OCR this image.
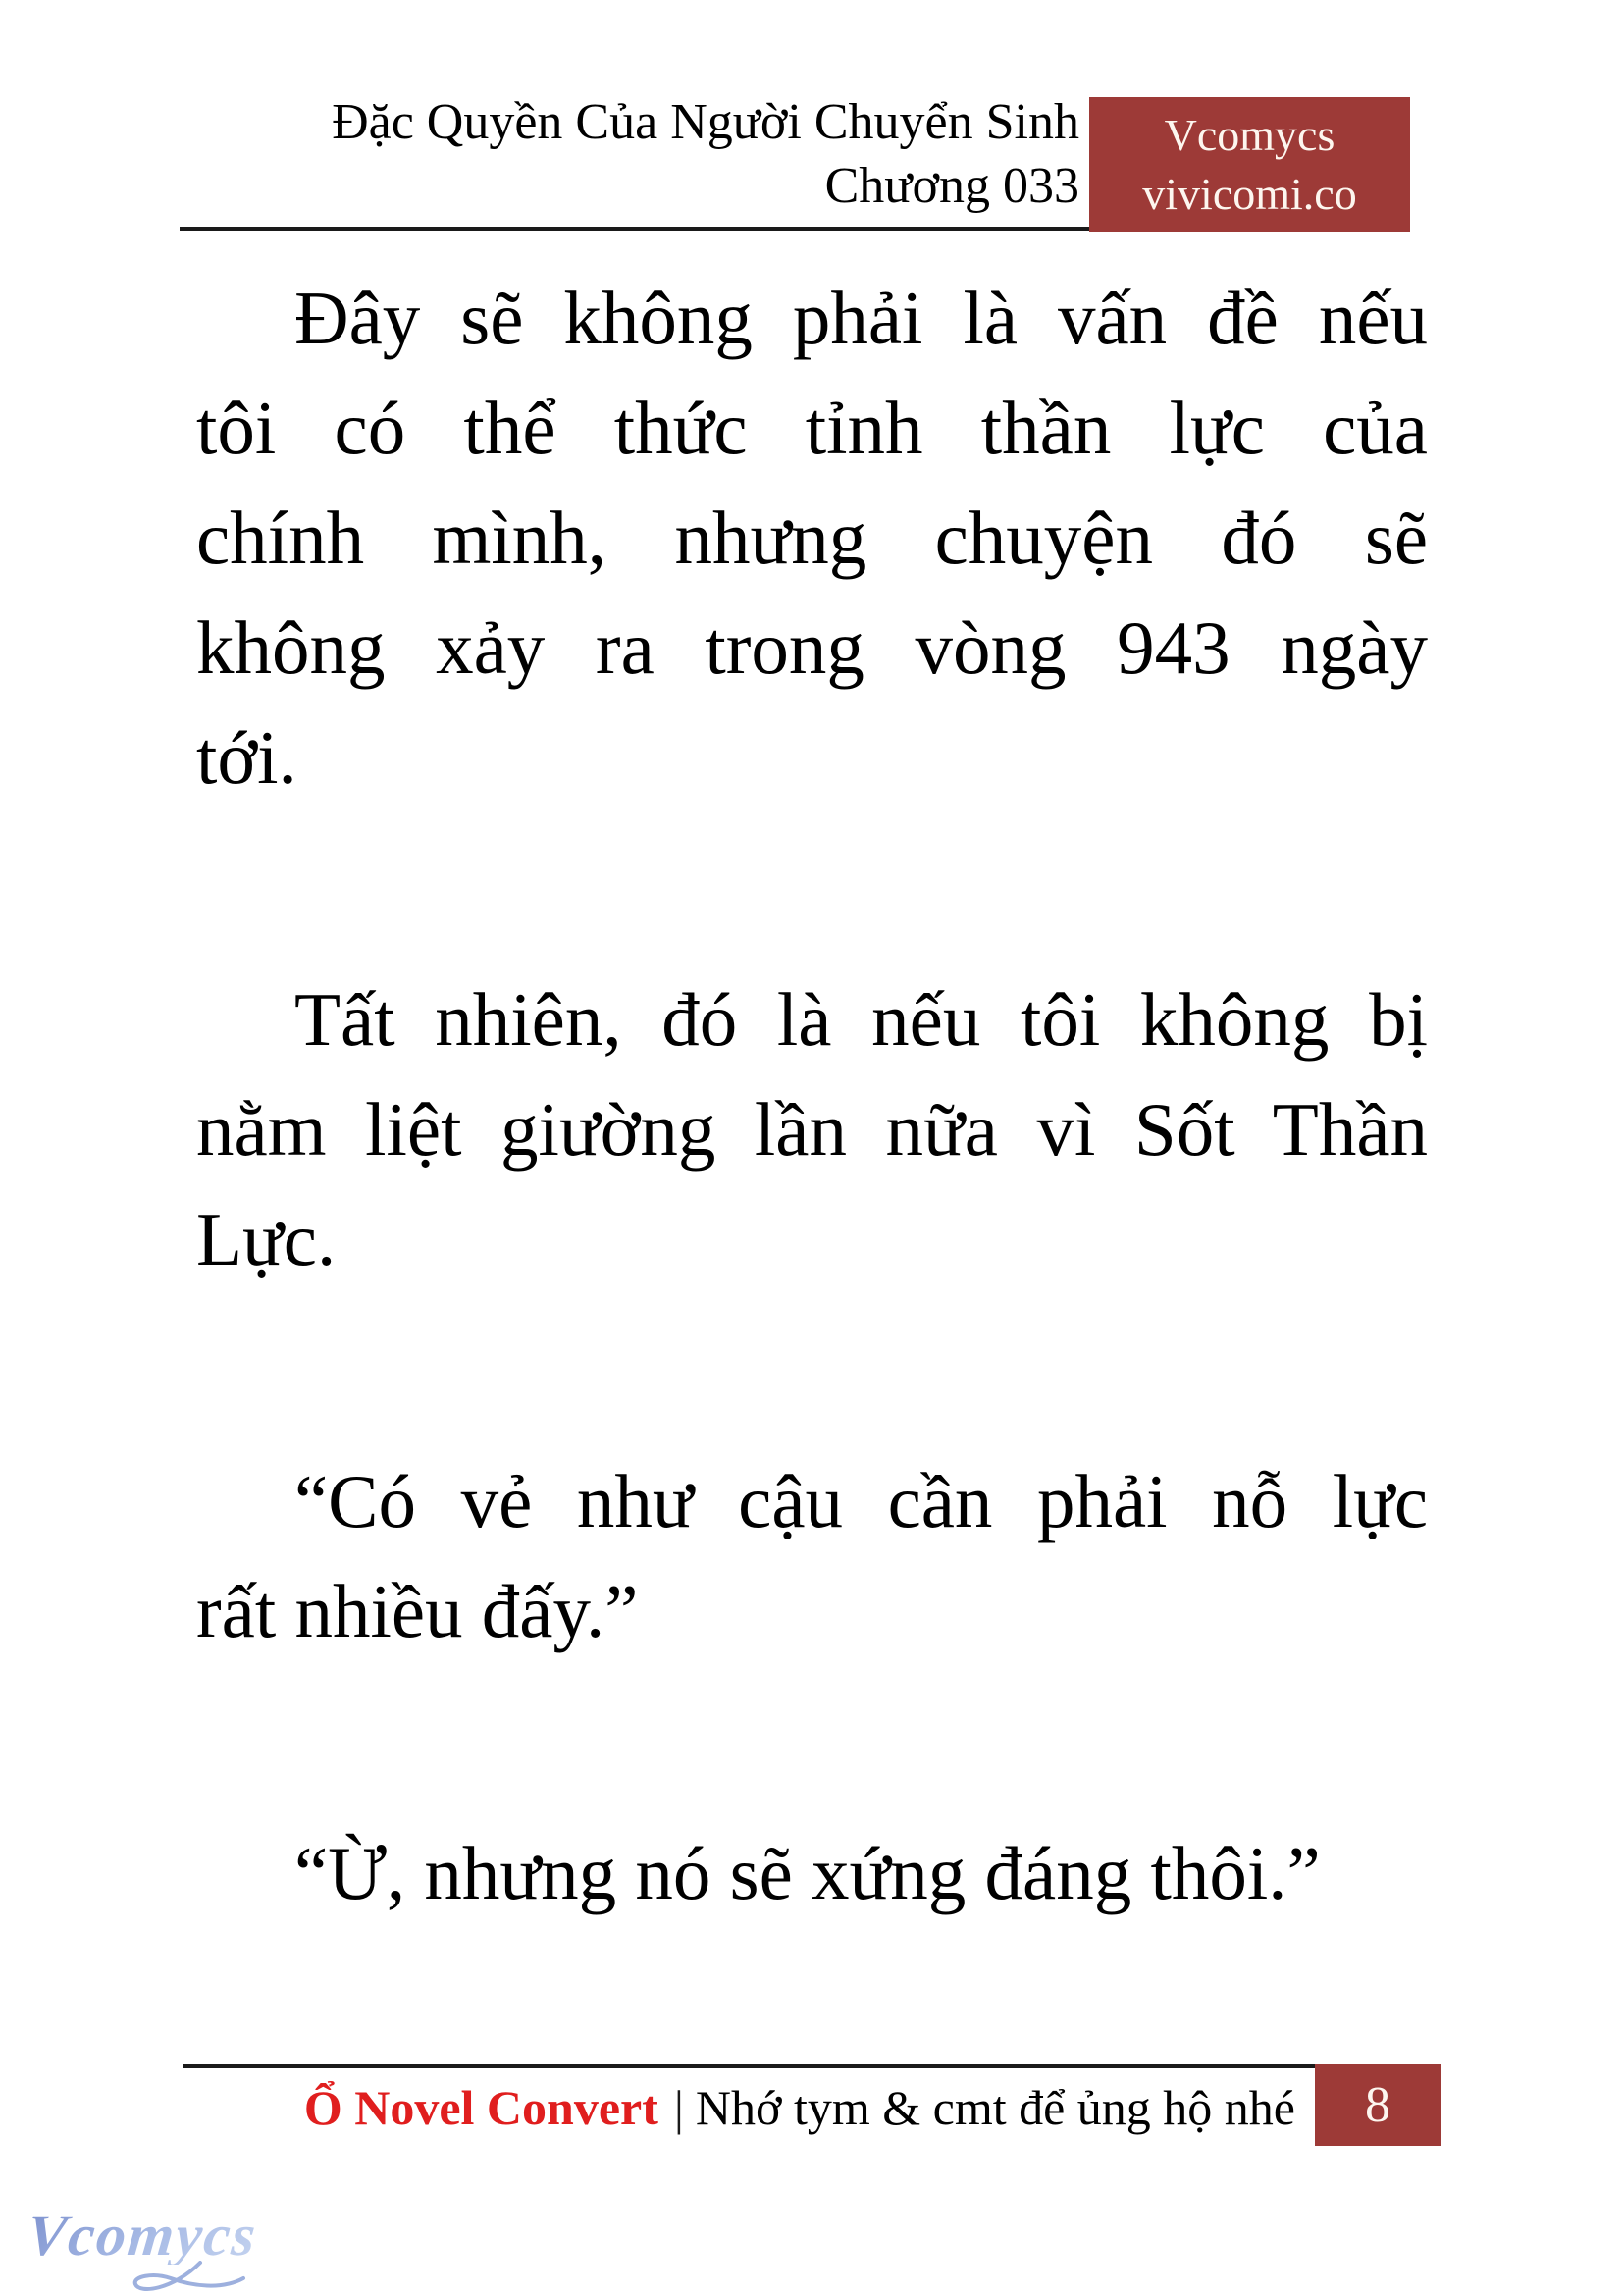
Đặc Quyền Của Người Chuyển Sinh
Chương 033
Vcomycs
vivicomi.co
Đây sẽ không phải là vấn đề nếu
tôi có thể thức tỉnh thần lực của
chính mình, nhưng chuyện đó sẽ
không xảy ra trong vòng 943 ngày
tới.
Tất nhiên, đó là nếu tôi không bị
nằm liệt giường lần nữa vì Sốt Thần
Lực.
“Có vẻ như cậu cần phải nỗ lực
rất nhiều đấy.”
“Ừ, nhưng nó sẽ xứng đáng thôi.”
Ổ Novel Convert | Nhớ tym & cmt để ủng hộ nhé 8
Vcomycs
